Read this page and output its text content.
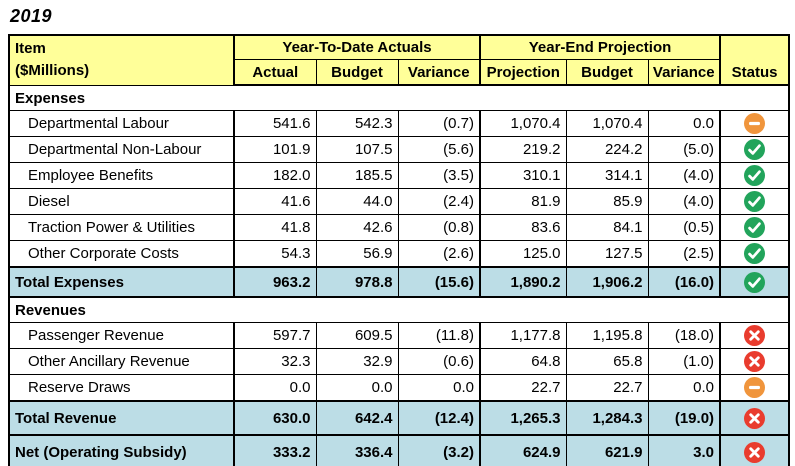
2019
Item
($Millions)	Year-To-Date Actuals			Year-End Projection			Status
	Actual	Budget	Variance	Projection	Budget	Variance	
Expenses							
Departmental Labour	541.6	542.3	(0.7)	1,070.4	1,070.4	0.0	

Departmental Non-Labour	101.9	107.5	(5.6)	219.2	224.2	(5.0)	

Employee Benefits	182.0	185.5	(3.5)	310.1	314.1	(4.0)	

Diesel	41.6	44.0	(2.4)	81.9	85.9	(4.0)	

Traction Power & Utilities	41.8	42.6	(0.8)	83.6	84.1	(0.5)	

Other Corporate Costs	54.3	56.9	(2.6)	125.0	127.5	(2.5)	

Total Expenses	963.2	978.8	(15.6)	1,890.2	1,906.2	(16.0)	

Revenues							
Passenger Revenue	597.7	609.5	(11.8)	1,177.8	1,195.8	(18.0)	

Other Ancillary Revenue	32.3	32.9	(0.6)	64.8	65.8	(1.0)	

Reserve Draws	0.0	0.0	0.0	22.7	22.7	0.0	

Total Revenue	630.0	642.4	(12.4)	1,265.3	1,284.3	(19.0)	

Net (Operating Subsidy)	333.2	336.4	(3.2)	624.9	621.9	3.0	
